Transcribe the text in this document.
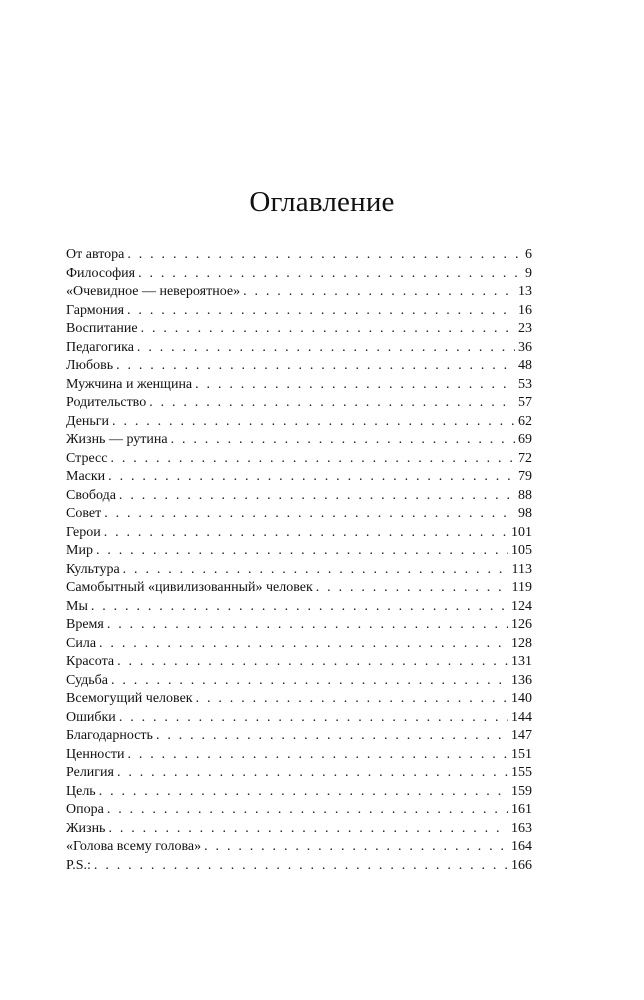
Оглавление
От автора . . .	6
Философия . . .	9
«Очевидное — невероятное» . . .	13
Гармония . . .	16
Воспитание . . .	23
Педагогика . . .	36
Любовь . . .	48
Мужчина и женщина . . .	53
Родительство . . .	57
Деньги . . .	62
Жизнь — рутина . . .	69
Стресс . . .	72
Маски . . .	79
Свобода . . .	88
Совет . . .	98
Герои . . .	101
Мир . . .	105
Культура . . .	113
Самобытный «цивилизованный» человек . . .	119
Мы . . .	124
Время . . .	126
Сила . . .	128
Красота . . .	131
Судьба . . .	136
Всемогущий человек . . .	140
Ошибки . . .	144
Благодарность . . .	147
Ценности . . .	151
Религия . . .	155
Цель . . .	159
Опора . . .	161
Жизнь . . .	163
«Голова всему голова» . . .	164
P.S.: . . .	166
